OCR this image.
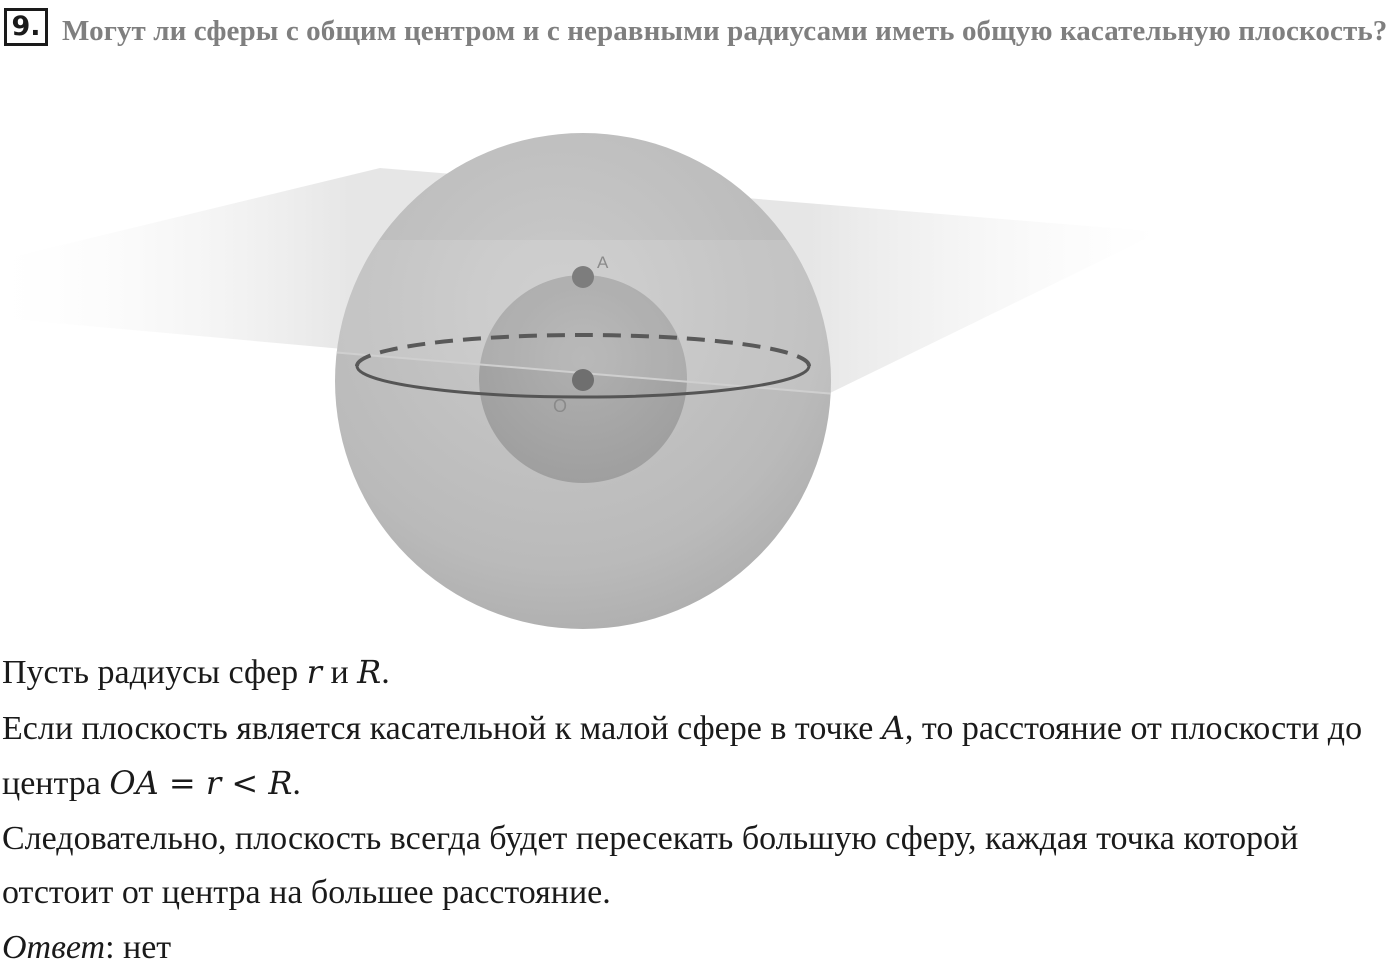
Могут ли сферы с общим центром и с неравными радиусами иметь общую касательную плоскость?
9.
A
O

Пусть радиусы сфер r и R.

Если плоскость является касательной к малой сфере в точке A, то расстояние от плоскости до центра OA = r < R.

Следовательно, плоскость всегда будет пересекать большую сферу, каждая точка которой отстоит от центра на большее расстояние.

Ответ: нет
